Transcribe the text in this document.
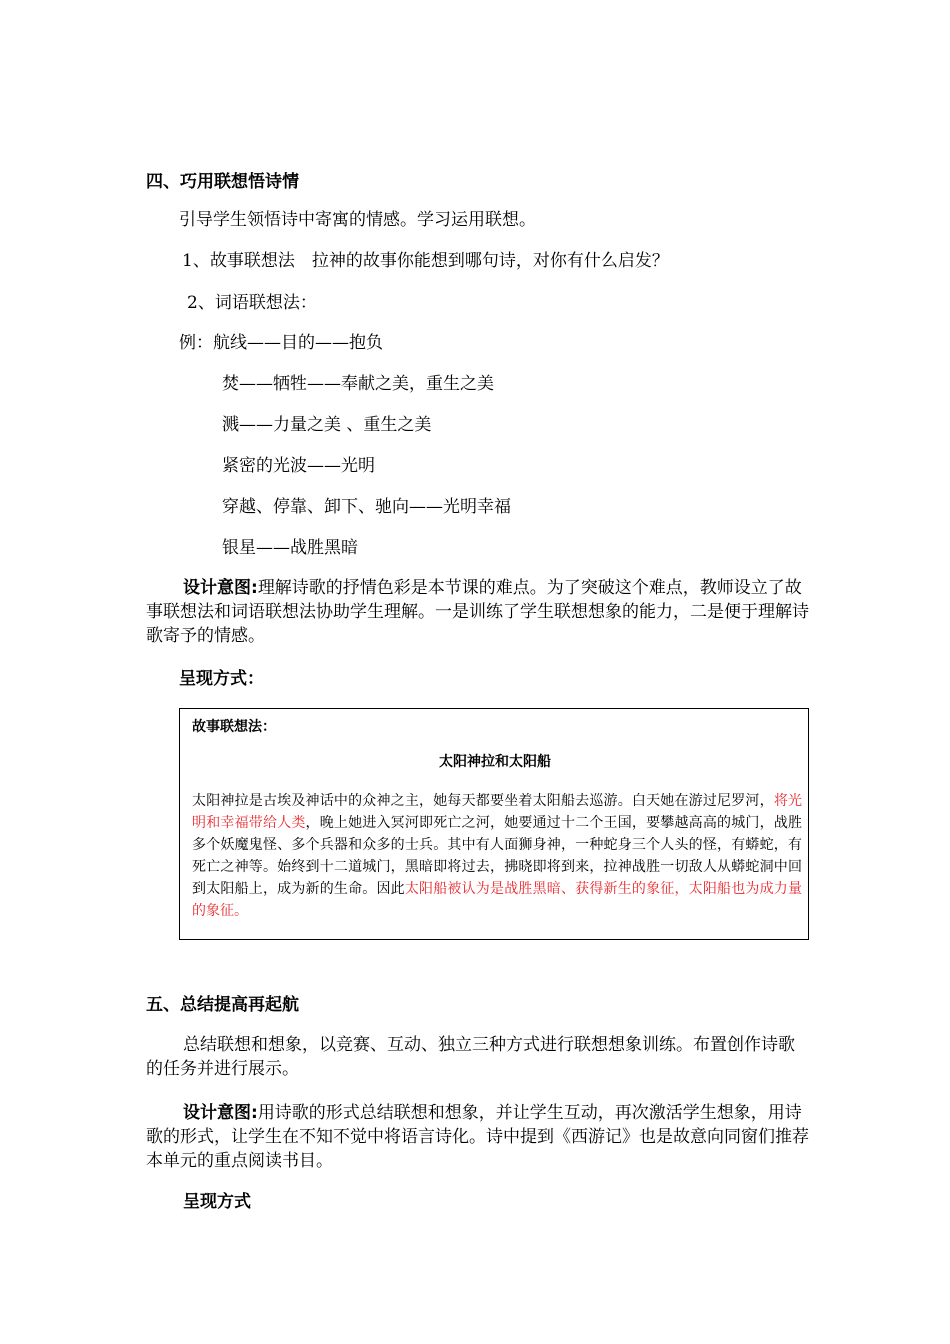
四、巧用联想悟诗情

引导学生领悟诗中寄寓的情感。学习运用联想。

1、故事联想法　拉神的故事你能想到哪句诗，对你有什么启发？

2、词语联想法：

例：航线——目的——抱负

焚——牺牲——奉献之美，重生之美

溅——力量之美 、重生之美

紧密的光波——光明

穿越、停靠、卸下、驰向——光明幸福

银星——战胜黑暗

设计意图:理解诗歌的抒情色彩是本节课的难点。为了突破这个难点，教师设立了故事联想法和词语联想法协助学生理解。一是训练了学生联想想象的能力，二是便于理解诗歌寄予的情感。

呈现方式：

故事联想法：

太阳神拉和太阳船

太阳神拉是古埃及神话中的众神之主，她每天都要坐着太阳船去巡游。白天她在游过尼罗河，将光明和幸福带给人类，晚上她进入冥河即死亡之河，她要通过十二个王国，要攀越高高的城门，战胜多个妖魔鬼怪、多个兵器和众多的士兵。其中有人面狮身神，一种蛇身三个人头的怪，有蟒蛇，有死亡之神等。始终到十二道城门，黑暗即将过去，拂晓即将到来，拉神战胜一切敌人从蟒蛇洞中回到太阳船上，成为新的生命。因此太阳船被认为是战胜黑暗、获得新生的象征，太阳船也为成力量的象征。

五、总结提高再起航

总结联想和想象，以竞赛、互动、独立三种方式进行联想想象训练。布置创作诗歌的任务并进行展示。

设计意图:用诗歌的形式总结联想和想象，并让学生互动，再次激活学生想象，用诗歌的形式，让学生在不知不觉中将语言诗化。诗中提到《西游记》也是故意向同窗们推荐本单元的重点阅读书目。

呈现方式
